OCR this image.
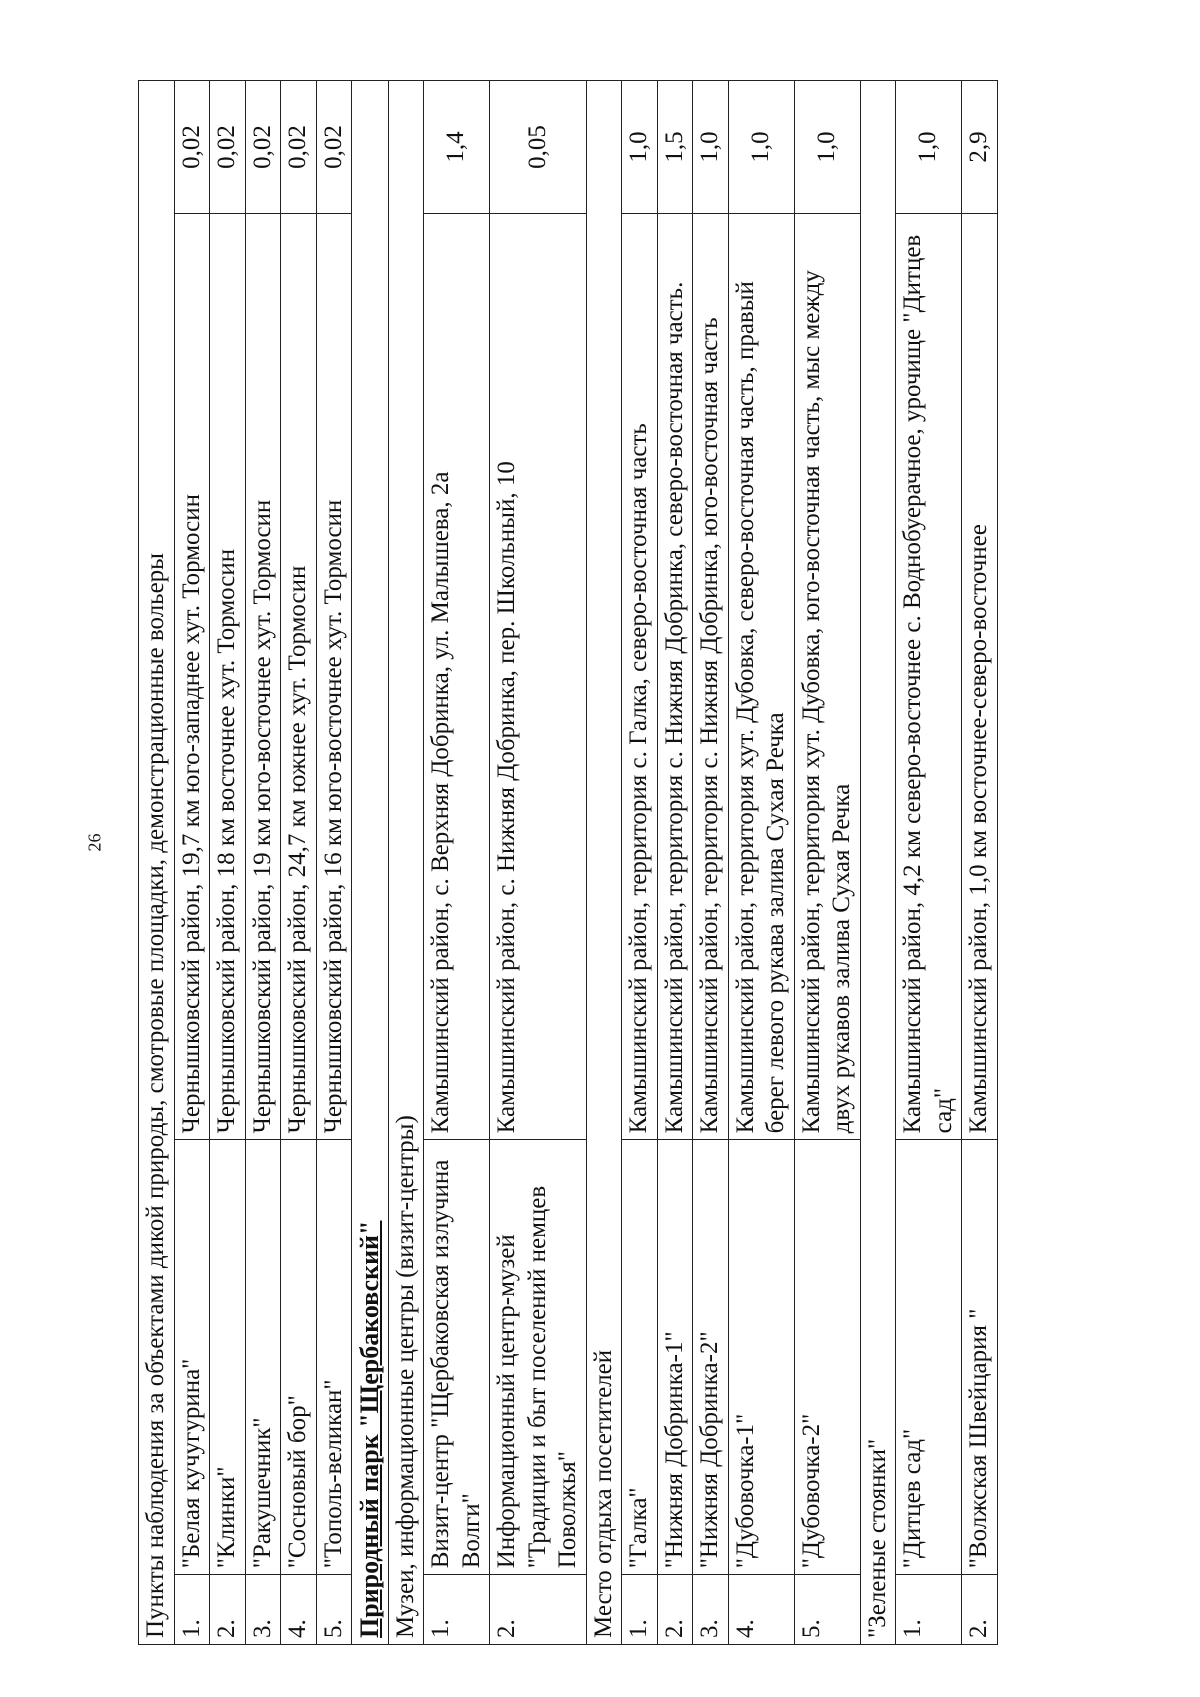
26 Пункты наблюдения за объектами дикой природы, смотровые площадки, демонстрационные вольеры			
1.	"Белая кучугурина"	Чернышковский район, 19,7 км юго-западнее хут. Тормосин	0,02
2.	"Клинки"	Чернышковский район, 18 км восточнее хут. Тормосин	0,02
3.	"Ракушечник"	Чернышковский район, 19 км юго-восточнее хут. Тормосин	0,02
4.	"Сосновый бор"	Чернышковский район, 24,7 км южнее хут. Тормосин	0,02
5.	"Тополь-великан"	Чернышковский район, 16 км юго-восточнее хут. Тормосин	0,02
Природный парк "Щербаковский"			
Музеи, информационные центры (визит-центры)			
1.	Визит-центр "Щербаковская излучина Волги"	Камышинский район, с. Верхняя Добринка, ул. Малышева, 2а	1,4
2.	Информационный центр-музей "Традиции и быт поселений немцев Поволжья"	Камышинский район, с. Нижняя Добринка, пер. Школьный, 10	0,05
Место отдыха посетителей			
1.	"Галка"	Камышинский район, территория с. Галка, северо-восточная часть	1,0
2.	"Нижняя Добринка-1"	Камышинский район, территория с. Нижняя Добринка, северо-восточная часть.	1,5
3.	"Нижняя Добринка-2"	Камышинский район, территория с. Нижняя Добринка, юго-восточная часть	1,0
4.	"Дубовочка-1"	Камышинский район, территория хут. Дубовка, северо-восточная часть, правый берег левого рукава залива Сухая Речка	1,0
5.	"Дубовочка-2"	Камышинский район, территория хут. Дубовка, юго-восточная часть, мыс между двух рукавов залива Сухая Речка	1,0
"Зеленые стоянки"			
1.	"Дитцев сад"	Камышинский район, 4,2 км северо-восточнее с. Воднобуерачное, урочище "Дитцев сад"	1,0
2.	"Волжская Швейцария "	Камышинский район, 1,0 км восточнее-северо-восточнее	2,9
